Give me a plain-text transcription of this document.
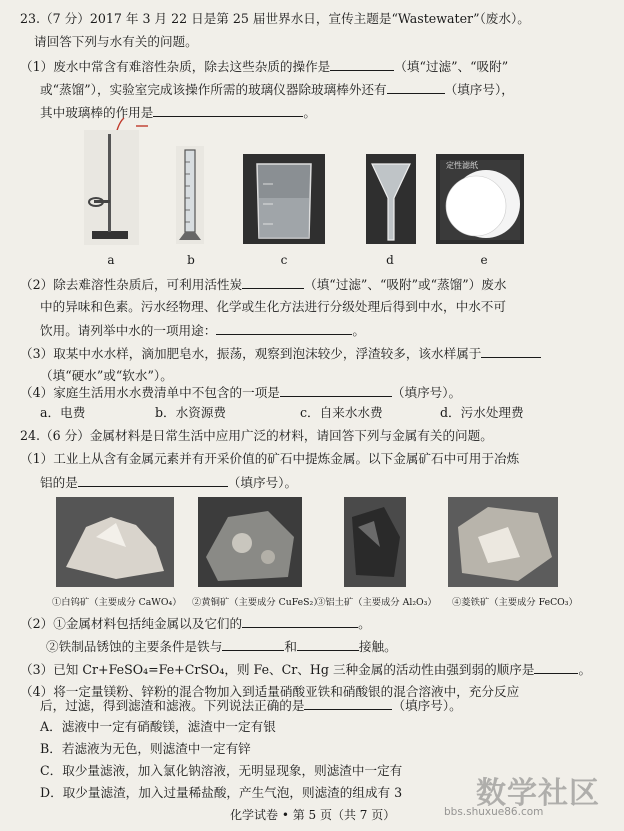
23.（7 分）2017 年 3 月 22 日是第 25 届世界水日，宣传主题是“Wastewater”（废水）。
请回答下列与水有关的问题。
（1）废水中常含有难溶性杂质，除去这些杂质的操作是	（填“过滤”、“吸附”
或“蒸馏”），实验室完成该操作所需的玻璃仪器除玻璃棒外还有	（填序号），
其中玻璃棒的作用是	。
定性滤纸
a	b	c	d	e
（2）除去难溶性杂质后，可利用活性炭	（填“过滤”、“吸附”或“蒸馏”）废水
中的异味和色素。污水经物理、化学或生化方法进行分级处理后得到中水，中水不可
饮用。请列举中水的一项用途：	。
（3）取某中水水样，滴加肥皂水，振荡，观察到泡沫较少，浮渣较多，该水样属于
（填“硬水”或“软水”）。
（4）家庭生活用水水费清单中不包含的一项是	（填序号）。
a．电费	b．水资源费	c．自来水水费	d．污水处理费
24.（6 分）金属材料是日常生活中应用广泛的材料，请回答下列与金属有关的问题。
（1）工业上从含有金属元素并有开采价值的矿石中提炼金属。以下金属矿石中可用于冶炼
铝的是	（填序号）。
①白钨矿（主要成分 CaWO₄） ②黄铜矿（主要成分 CuFeS₂）
③铝土矿（主要成分 Al₂O₃） ④菱铁矿（主要成分 FeCO₃）
（2）①金属材料包括纯金属以及它们的	。
②铁制品锈蚀的主要条件是铁与	和	接触。
（3）已知 Cr+FeSO₄=Fe+CrSO₄，则 Fe、Cr、Hg 三种金属的活动性由强到弱的顺序是	。
（4）将一定量镁粉、锌粉的混合物加入到适量硝酸亚铁和硝酸银的混合溶液中，充分反应
后，过滤，得到滤渣和滤液。下列说法正确的是	（填序号）。
A．滤液中一定有硝酸镁，滤渣中一定有银
B．若滤液为无色，则滤渣中一定有锌
C．取少量滤液，加入氯化钠溶液，无明显现象，则滤渣中一定有
D．取少量滤渣，加入过量稀盐酸，产生气泡，则滤渣的组成有 3
化学试卷 • 第 5 页（共 7 页）
数学社区
bbs.shuxue86.com
